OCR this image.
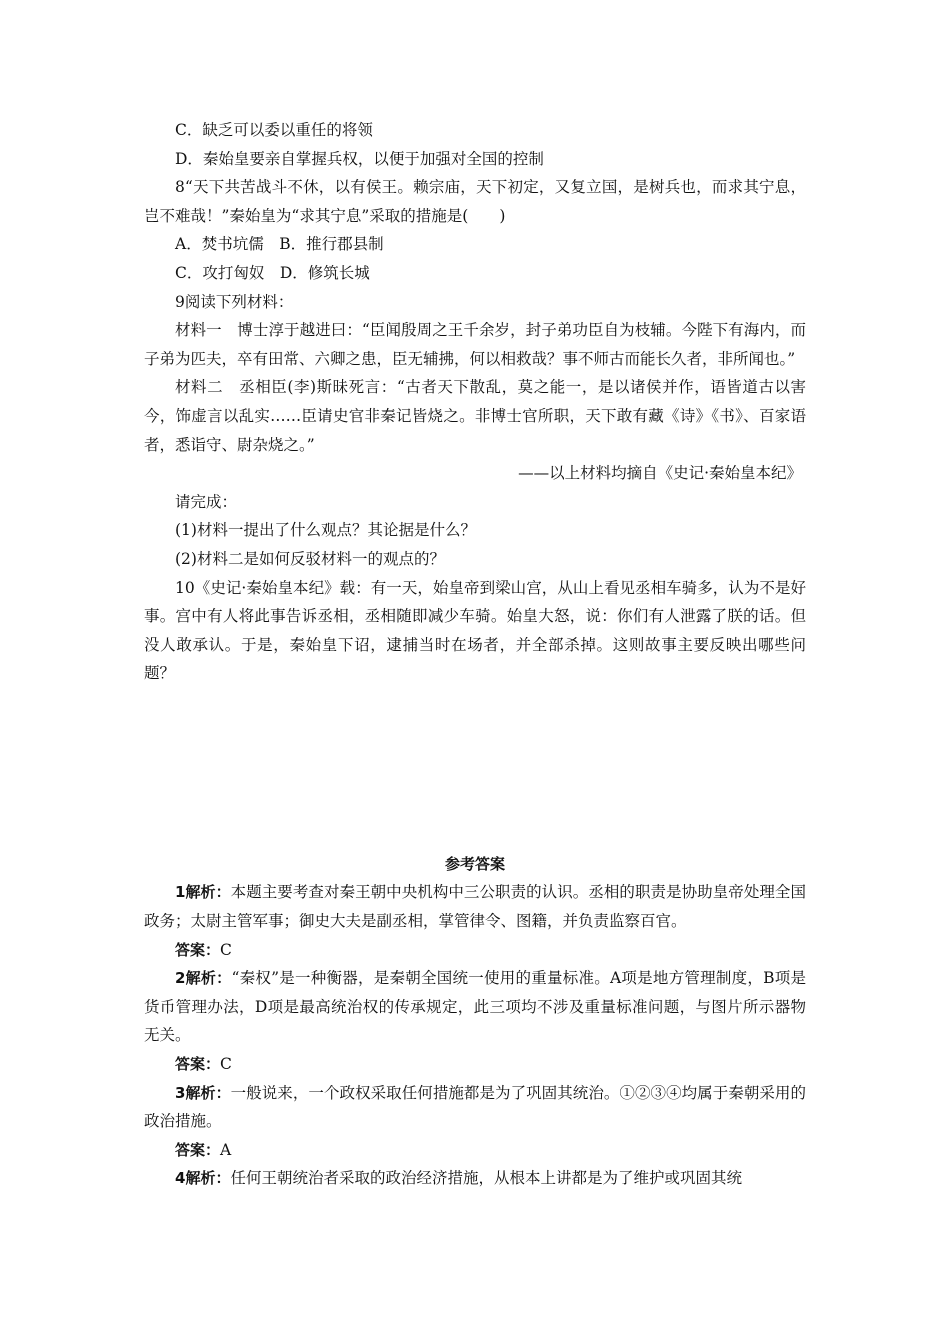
C．缺乏可以委以重任的将领

D．秦始皇要亲自掌握兵权，以便于加强对全国的控制

8“天下共苦战斗不休，以有侯王。赖宗庙，天下初定，又复立国，是树兵也，而求其宁息，岂不难哉！”秦始皇为“求其宁息”采取的措施是(　　)

A．焚书坑儒　B．推行郡县制

C．攻打匈奴　D．修筑长城

9阅读下列材料：

材料一　博士淳于越进曰：“臣闻殷周之王千余岁，封子弟功臣自为枝辅。今陛下有海内，而子弟为匹夫，卒有田常、六卿之患，臣无辅拂，何以相救哉？事不师古而能长久者，非所闻也。”

材料二　丞相臣(李)斯昧死言：“古者天下散乱，莫之能一，是以诸侯并作，语皆道古以害今，饰虚言以乱实……臣请史官非秦记皆烧之。非博士官所职，天下敢有藏《诗》《书》、百家语者，悉诣守、尉杂烧之。”

——以上材料均摘自《史记·秦始皇本纪》

请完成：

(1)材料一提出了什么观点？其论据是什么？

(2)材料二是如何反驳材料一的观点的？

10《史记·秦始皇本纪》载：有一天，始皇帝到梁山宫，从山上看见丞相车骑多，认为不是好事。宫中有人将此事告诉丞相，丞相随即减少车骑。始皇大怒，说：你们有人泄露了朕的话。但没人敢承认。于是，秦始皇下诏，逮捕当时在场者，并全部杀掉。这则故事主要反映出哪些问题？

参考答案

1解析：本题主要考查对秦王朝中央机构中三公职责的认识。丞相的职责是协助皇帝处理全国政务；太尉主管军事；御史大夫是副丞相，掌管律令、图籍，并负责监察百官。

答案：C

2解析：“秦权”是一种衡器，是秦朝全国统一使用的重量标准。A项是地方管理制度，B项是货币管理办法，D项是最高统治权的传承规定，此三项均不涉及重量标准问题，与图片所示器物无关。

答案：C

3解析：一般说来，一个政权采取任何措施都是为了巩固其统治。①②③④均属于秦朝采用的政治措施。

答案：A

4解析：任何王朝统治者采取的政治经济措施，从根本上讲都是为了维护或巩固其统
